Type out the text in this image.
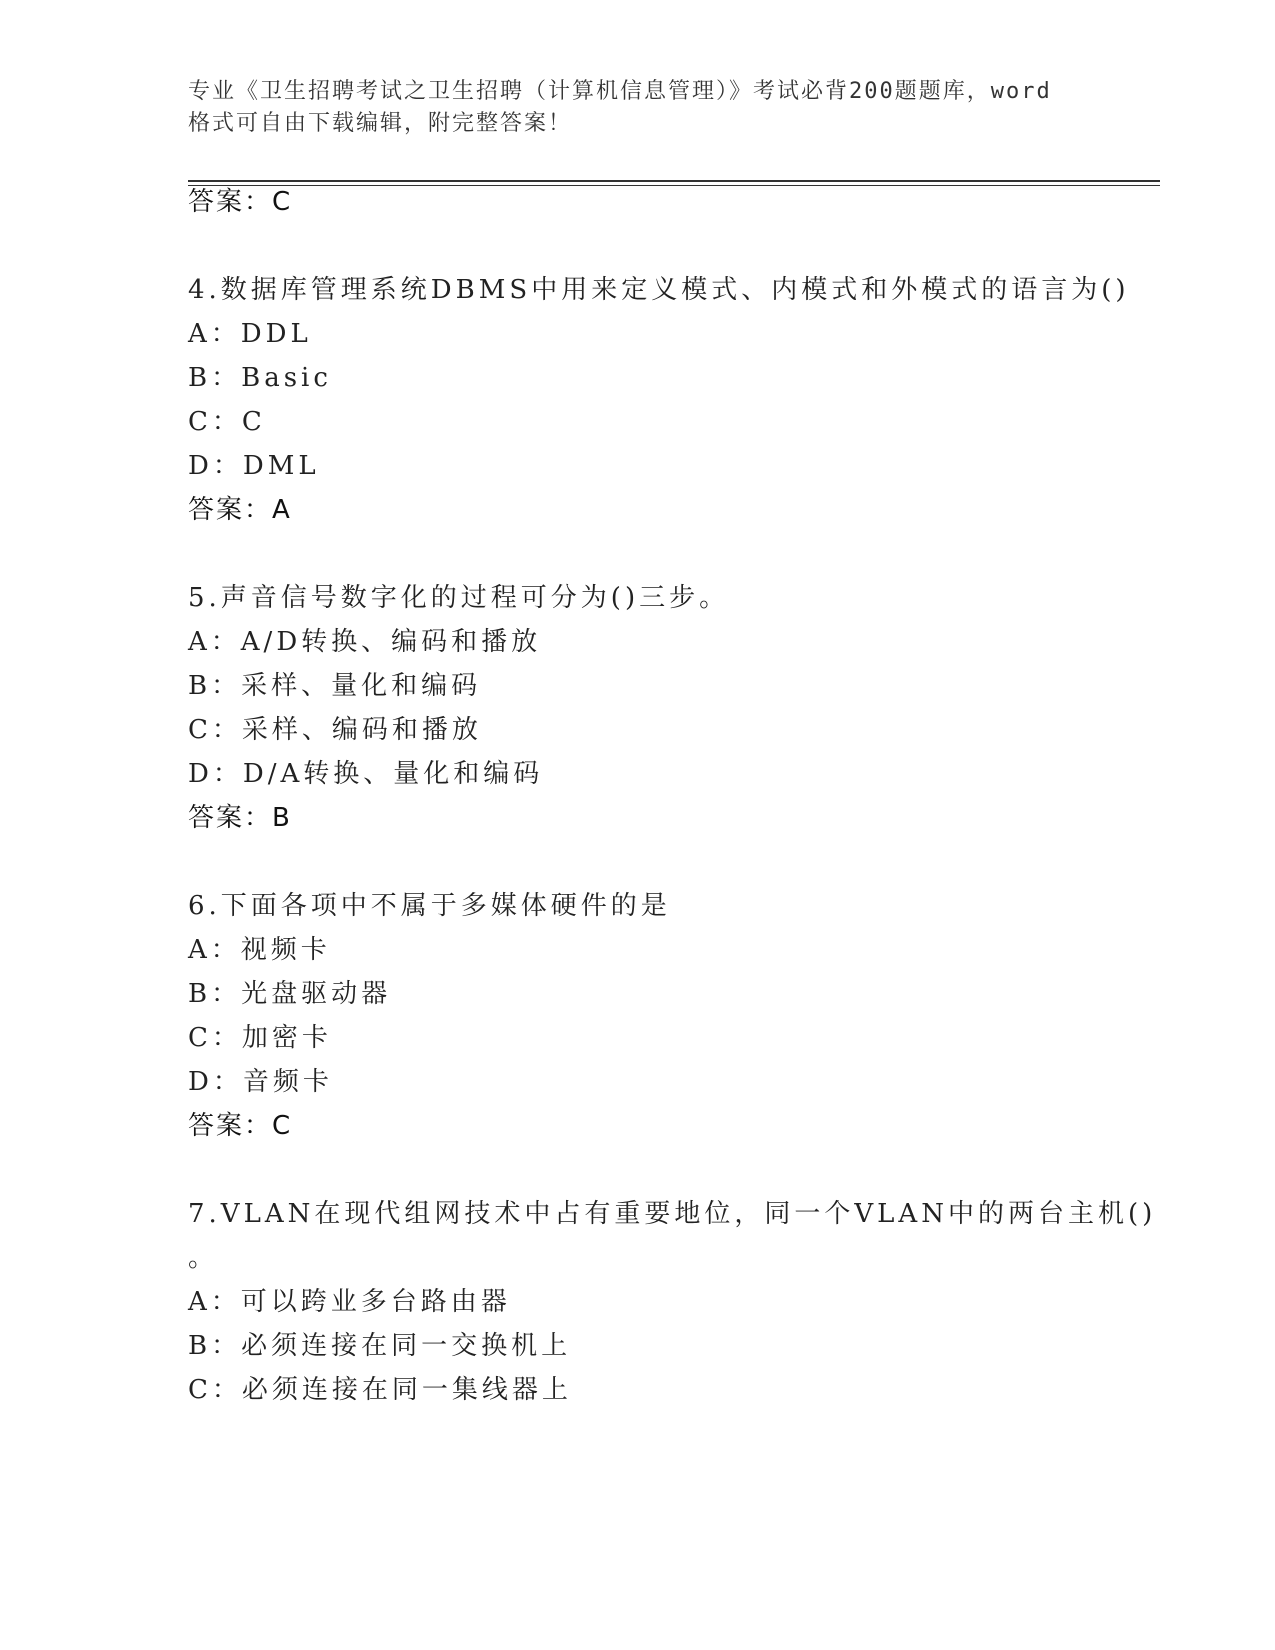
专业《卫生招聘考试之卫生招聘（计算机信息管理）》考试必背200题题库，word
格式可自由下载编辑，附完整答案！
答案：C
4.数据库管理系统DBMS中用来定义模式、内模式和外模式的语言为()
A：DDL
B：Basic
C：C
D：DML
答案：A
5.声音信号数字化的过程可分为()三步。
A：A/D转换、编码和播放
B：采样、量化和编码
C：采样、编码和播放
D：D/A转换、量化和编码
答案：B
6.下面各项中不属于多媒体硬件的是
A：视频卡
B：光盘驱动器
C：加密卡
D：音频卡
答案：C
7.VLAN在现代组网技术中占有重要地位，同一个VLAN中的两台主机()
。
A：可以跨业多台路由器
B：必须连接在同一交换机上
C：必须连接在同一集线器上
